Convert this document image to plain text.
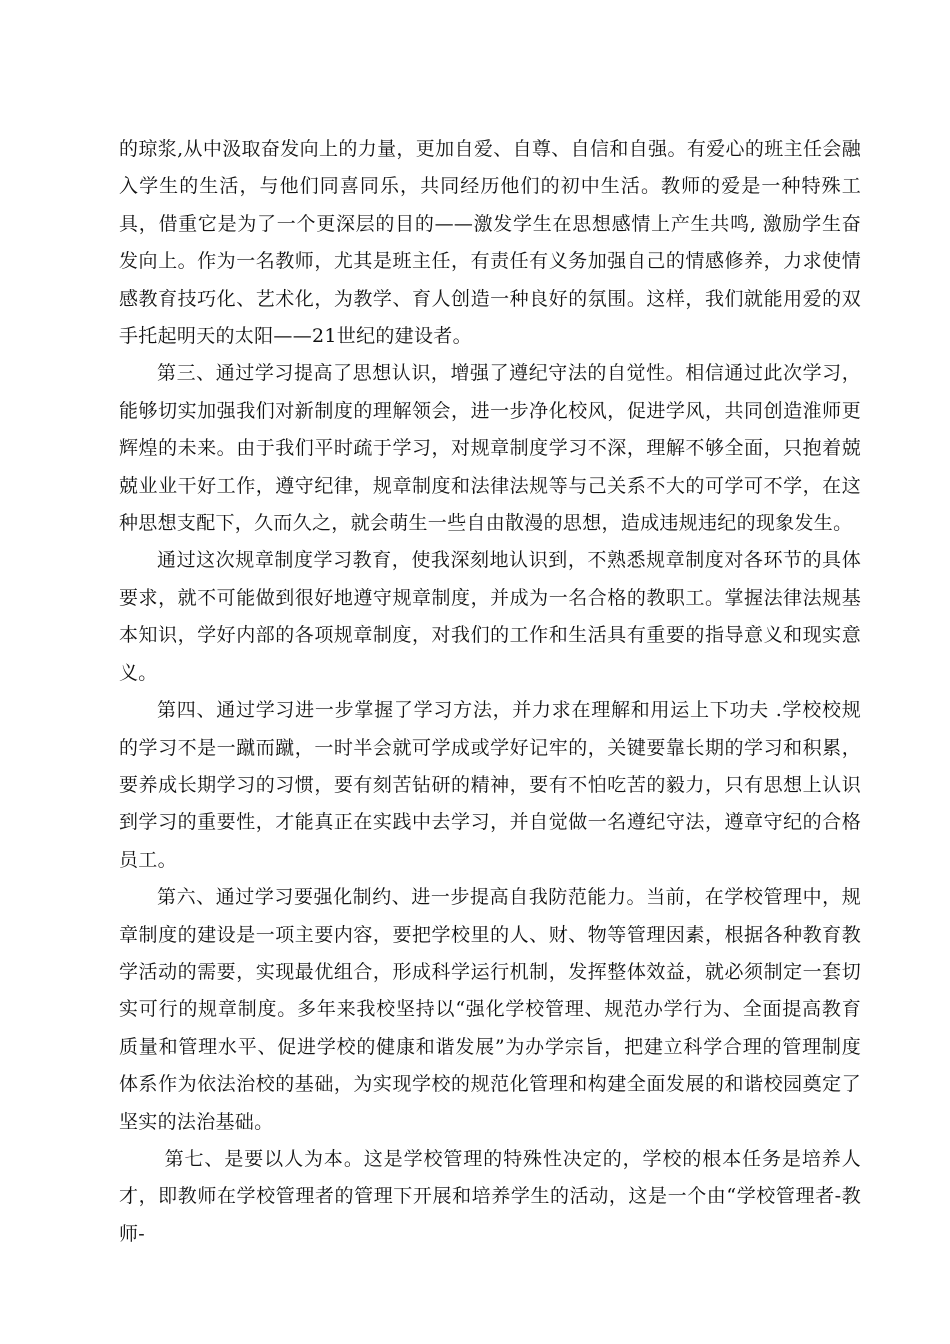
的琼浆,从中汲取奋发向上的力量，更加自爱、自尊、自信和自强。有爱心的班主任会融入学生的生活，与他们同喜同乐，共同经历他们的初中生活。教师的爱是一种特殊工具，借重它是为了一个更深层的目的——激发学生在思想感情上产生共鸣, 激励学生奋发向上。作为一名教师，尤其是班主任，有责任有义务加强自己的情感修养，力求使情感教育技巧化、艺术化，为教学、育人创造一种良好的氛围。这样，我们就能用爱的双手托起明天的太阳——21世纪的建设者。

第三、通过学习提高了思想认识，增强了遵纪守法的自觉性。相信通过此次学习，能够切实加强我们对新制度的理解领会，进一步净化校风，促进学风，共同创造淮师更辉煌的未来。由于我们平时疏于学习，对规章制度学习不深，理解不够全面，只抱着兢兢业业干好工作，遵守纪律，规章制度和法律法规等与己关系不大的可学可不学，在这种思想支配下，久而久之，就会萌生一些自由散漫的思想，造成违规违纪的现象发生。

通过这次规章制度学习教育，使我深刻地认识到，不熟悉规章制度对各环节的具体要求，就不可能做到很好地遵守规章制度，并成为一名合格的教职工。掌握法律法规基本知识，学好内部的各项规章制度，对我们的工作和生活具有重要的指导意义和现实意义。

第四、通过学习进一步掌握了学习方法，并力求在理解和用运上下功夫 .学校校规的学习不是一蹴而蹴，一时半会就可学成或学好记牢的，关键要靠长期的学习和积累，要养成长期学习的习惯，要有刻苦钻研的精神，要有不怕吃苦的毅力，只有思想上认识到学习的重要性，才能真正在实践中去学习，并自觉做一名遵纪守法，遵章守纪的合格员工。

第六、通过学习要强化制约、进一步提高自我防范能力。当前，在学校管理中，规章制度的建设是一项主要内容，要把学校里的人、财、物等管理因素，根据各种教育教学活动的需要，实现最优组合，形成科学运行机制，发挥整体效益，就必须制定一套切实可行的规章制度。多年来我校坚持以“强化学校管理、规范办学行为、全面提高教育质量和管理水平、促进学校的健康和谐发展”为办学宗旨，把建立科学合理的管理制度体系作为依法治校的基础，为实现学校的规范化管理和构建全面发展的和谐校园奠定了坚实的法治基础。

第七、是要以人为本。这是学校管理的特殊性决定的，学校的根本任务是培养人才，即教师在学校管理者的管理下开展和培养学生的活动，这是一个由“学校管理者-教师-
